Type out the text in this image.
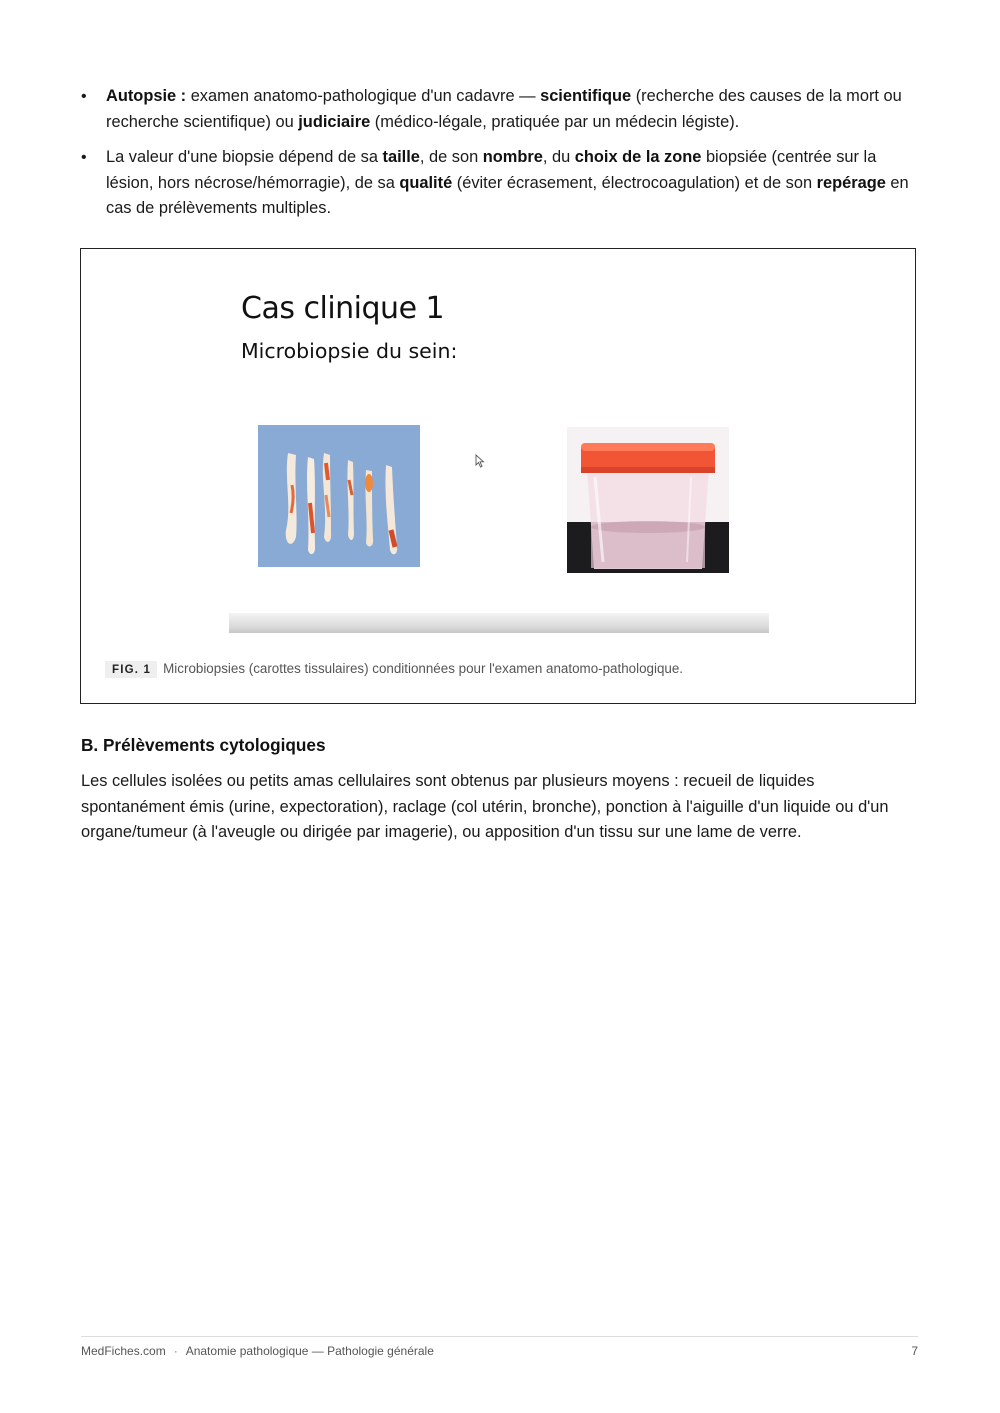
• Autopsie : examen anatomo-pathologique d'un cadavre — scientifique (recherche des causes de la mort ou recherche scientifique) ou judiciaire (médico-légale, pratiquée par un médecin légiste).
• La valeur d'une biopsie dépend de sa taille, de son nombre, du choix de la zone biopsiée (centrée sur la lésion, hors nécrose/hémorragie), de sa qualité (éviter écrasement, électrocoagulation) et de son repérage en cas de prélèvements multiples.
Cas clinique 1
Microbiopsie du sein:
FIG. 1 Microbiopsies (carottes tissulaires) conditionnées pour l'examen anatomo-pathologique.
B. Prélèvements cytologiques

Les cellules isolées ou petits amas cellulaires sont obtenus par plusieurs moyens : recueil de liquides spontanément émis (urine, expectoration), raclage (col utérin, bronche), ponction à l'aiguille d'un liquide ou d'un organe/tumeur (à l'aveugle ou dirigée par imagerie), ou apposition d'un tissu sur une lame de verre.

MedFiches.com · Anatomie pathologique — Pathologie générale	7
